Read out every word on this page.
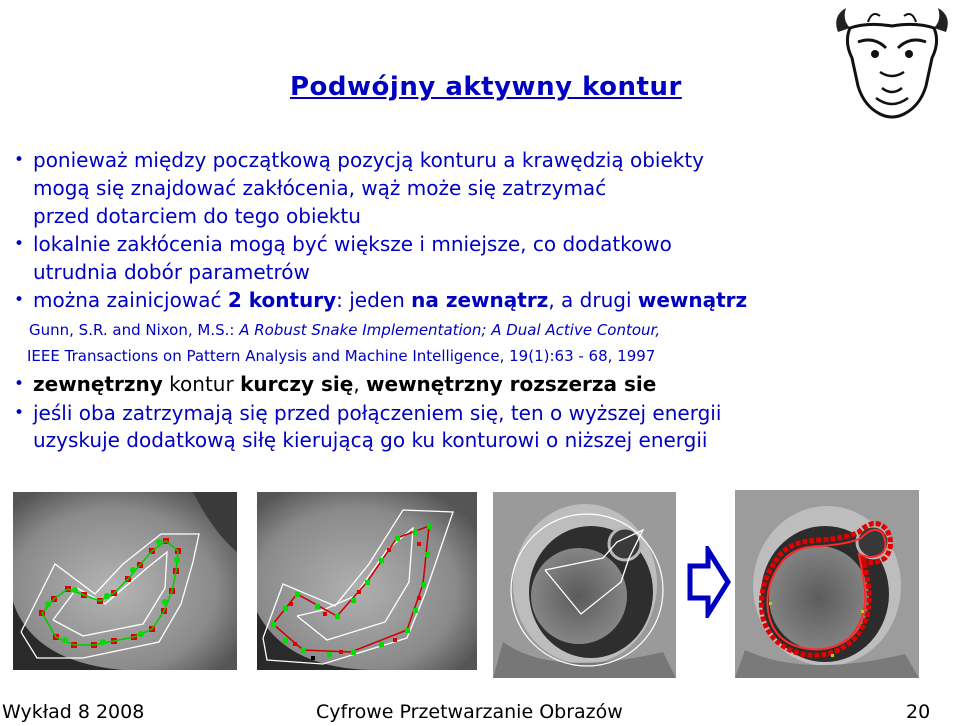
Podwójny aktywny kontur
• ponieważ między początkową pozycją konturu a krawędzią obiekty
mogą się znajdować zakłócenia, wąż może się zatrzymać
przed dotarciem do tego obiektu
• lokalnie zakłócenia mogą być większe i mniejsze, co dodatkowo
utrudnia dobór parametrów
• można zainicjować 2 kontury: jeden na zewnątrz, a drugi wewnątrz
Gunn, S.R. and Nixon, M.S.: A Robust Snake Implementation; A Dual Active Contour,
IEEE Transactions on Pattern Analysis and Machine Intelligence, 19(1):63 - 68, 1997
• zewnętrzny kontur kurczy się, wewnętrzny rozszerza sie
• jeśli oba zatrzymają się przed połączeniem się, ten o wyższej energii
uzyskuje dodatkową siłę kierującą go ku konturowi o niższej energii
Wykład 8 2008	Cyfrowe Przetwarzanie Obrazów	20
